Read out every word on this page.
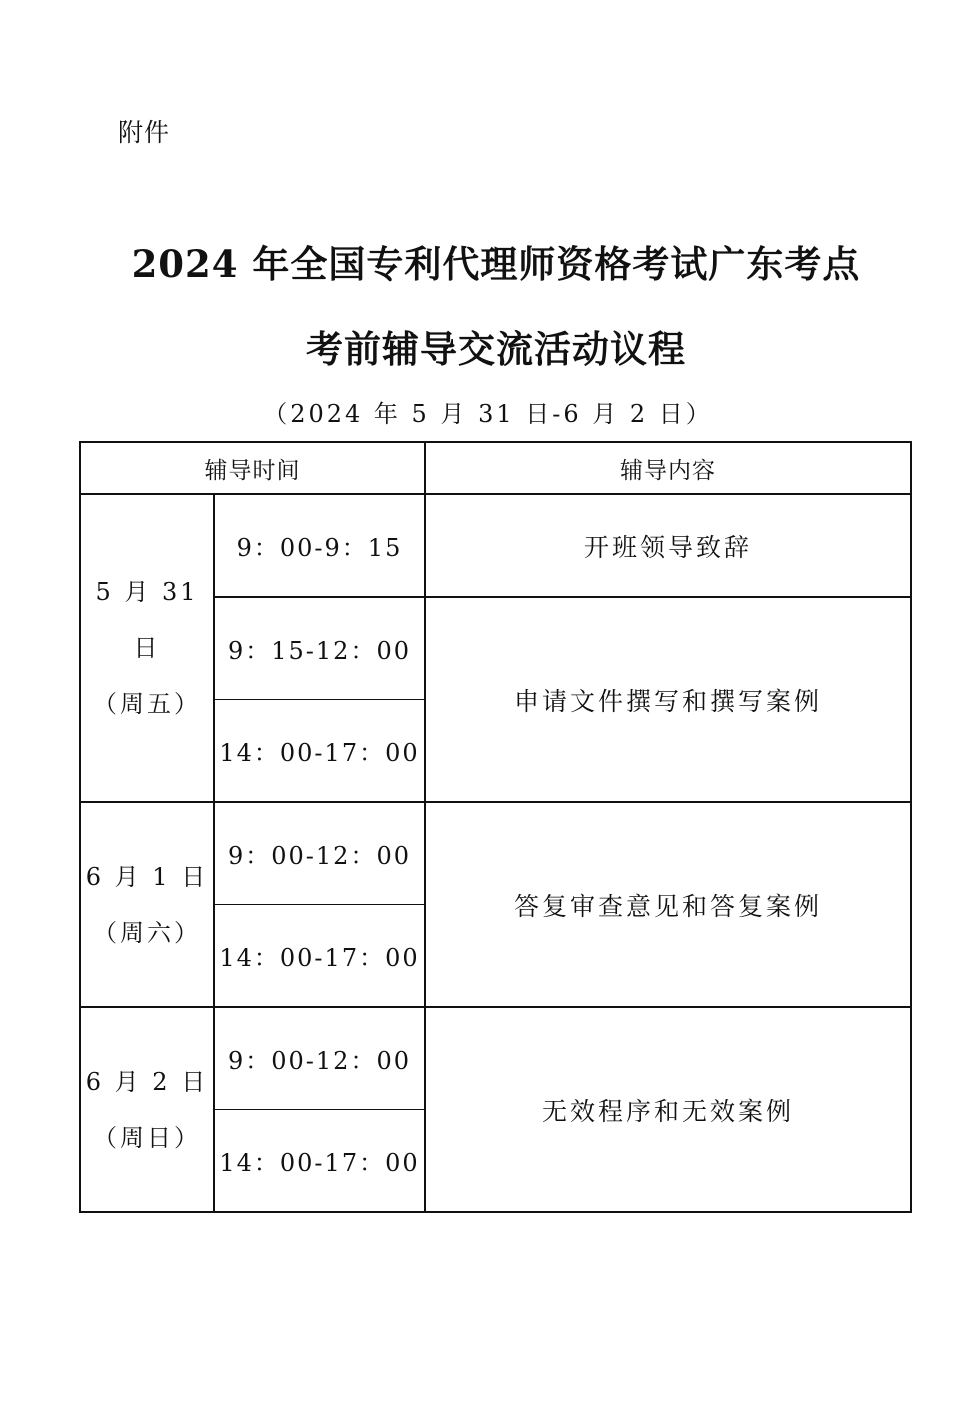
附件
2024 年全国专利代理师资格考试广东考点
考前辅导交流活动议程
（2024 年 5 月 31 日-6 月 2 日）
辅导时间		辅导内容

5 月 31 日
（周五）	9：00-9：15	开班领导致辞
	9：15-12：00	申请文件撰写和撰写案例
	14：00-17：00	

6 月 1 日
（周六）	9：00-12：00	答复审查意见和答复案例
	14：00-17：00	

6 月 2 日
（周日）	9：00-12：00	无效程序和无效案例
	14：00-17：00	
